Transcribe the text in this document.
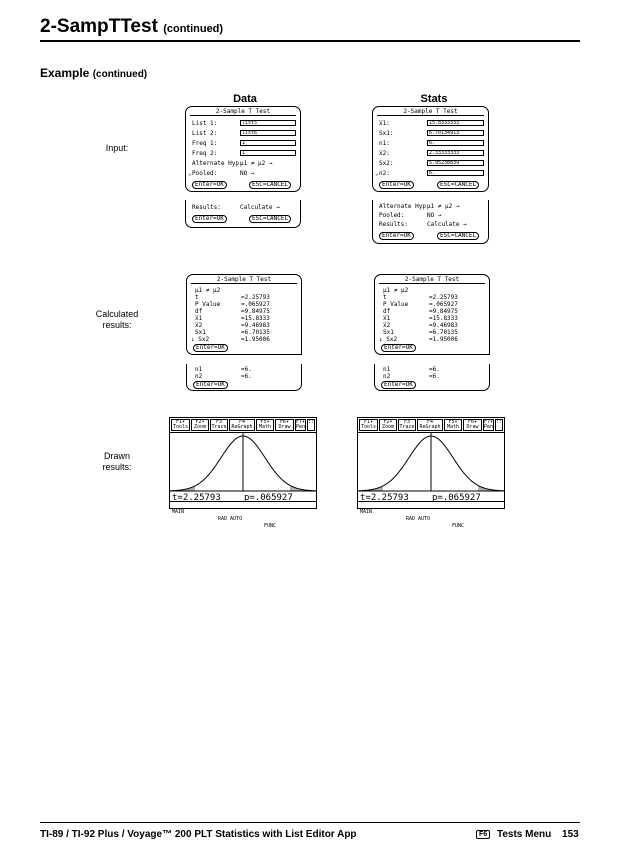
2-SampTTest (continued)
Example (continued)
Data	Stats
Input:
Calculated
results:
Drawn
results:
2-Sample T Test
List 1:	list5
List 2:	list6
Freq 1:	1
Freq 2:	1
Alternate Hyp:
μ1 ≠ μ2 →
⌄ Pooled:	NO →
Enter=OK	ESC=CANCEL
Results:	Calculate →
Enter=OK	ESC=CANCEL
2-Sample T Test
x̅1:	15.8333333
Sx1:	6.70134913
n1:	6.
x̅2:	2.33333333
Sx2:	5.95238839
⌄ n2:	6.
Enter=OK	ESC=CANCEL
Alternate Hyp:
μ1 ≠ μ2 →
Pooled:	NO →
Results:	Calculate →
Enter=OK	ESC=CANCEL
2-Sample T Test
μ1 ≠ μ2
t	=2.25793
P Value	=.065927
df	=9.84975
x̅1	=15.8333
x̅2	=9.46983
Sx1	=6.70135
↓ Sx2	=1.95006
Enter=OK
n1	=6.
n2	=6.
Enter=OK
2-Sample T Test
μ1 ≠ μ2
t	=2.25793
P Value	=.065927
df	=9.84975
x̅1	=15.8333
x̅2	=9.46983
Sx1	=6.70135
↓ Sx2	=1.95006
Enter=OK
n1	=6.
n2	=6.
Enter=OK
F1▾
Tools
F2▾
Zoom
F3
Trace
F4
ReGraph
F5▾
Math
F6▾
Draw
F7▾
Pen
::
t=2.25793	p=.065927

MAIN

RAD AUTO

FUNC

F1▾
Tools
F2▾
Zoom
F3
Trace
F4
ReGraph
F5▾
Math
F6▾
Draw
F7▾
Pen
::
t=2.25793	p=.065927

MAIN

RAD AUTO

FUNC

TI-89 / TI-92 Plus / Voyage™ 200 PLT Statistics with List Editor App	F6 Tests Menu 153
